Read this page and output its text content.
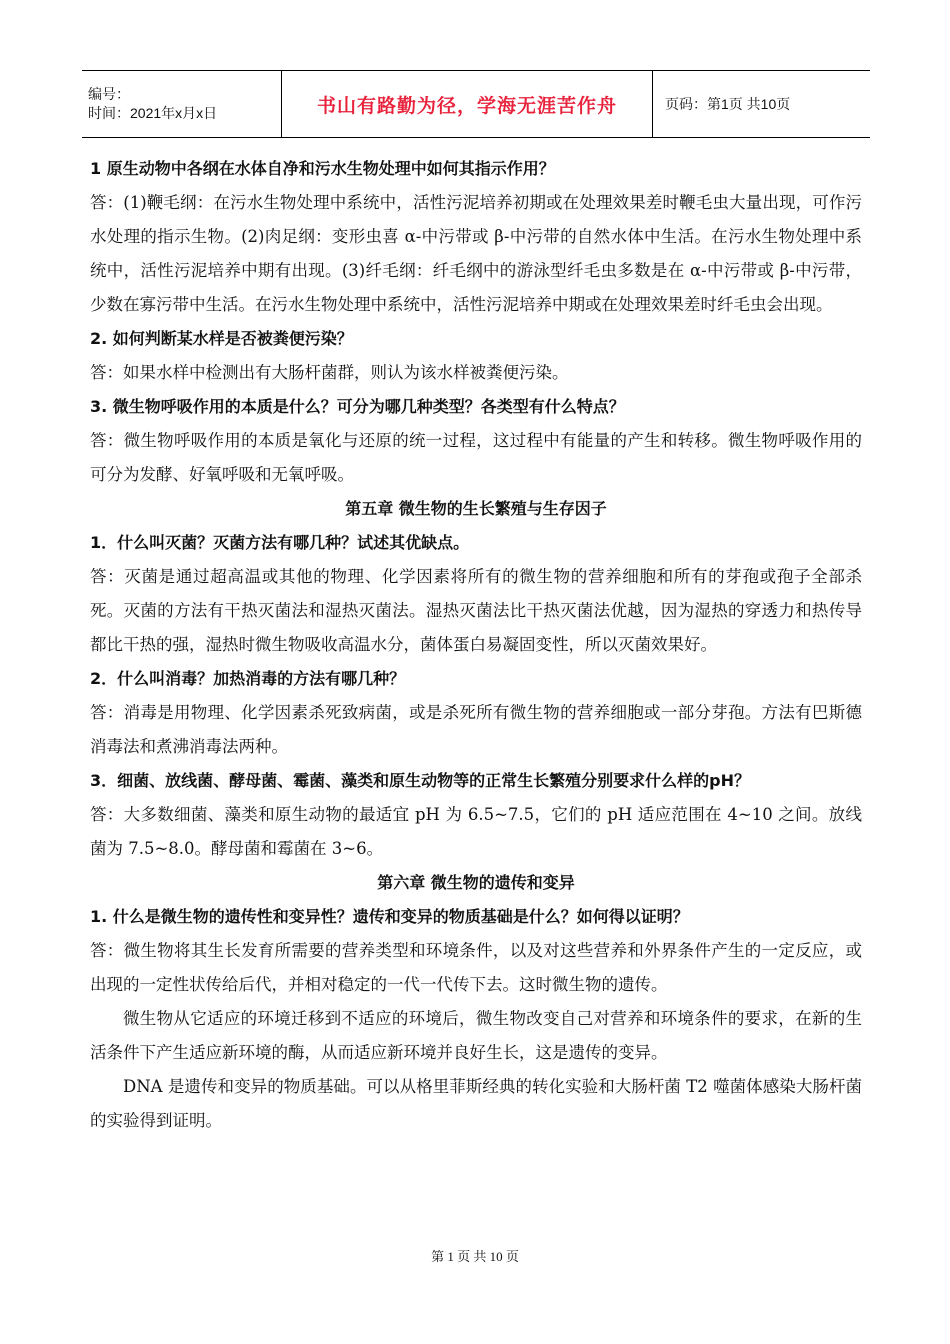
编号：
时间：2021年x月x日	书山有路勤为径，学海无涯苦作舟	页码：第1页 共10页

1 原生动物中各纲在水体自净和污水生物处理中如何其指示作用？

答：(1)鞭毛纲：在污水生物处理中系统中，活性污泥培养初期或在处理效果差时鞭毛虫大量出现，可作污水处理的指示生物。(2)肉足纲：变形虫喜 α-中污带或 β-中污带的自然水体中生活。在污水生物处理中系统中，活性污泥培养中期有出现。(3)纤毛纲：纤毛纲中的游泳型纤毛虫多数是在 α-中污带或 β-中污带，少数在寡污带中生活。在污水生物处理中系统中，活性污泥培养中期或在处理效果差时纤毛虫会出现。

2. 如何判断某水样是否被粪便污染？

答：如果水样中检测出有大肠杆菌群，则认为该水样被粪便污染。

3. 微生物呼吸作用的本质是什么？可分为哪几种类型？各类型有什么特点？

答：微生物呼吸作用的本质是氧化与还原的统一过程，这过程中有能量的产生和转移。微生物呼吸作用的可分为发酵、好氧呼吸和无氧呼吸。

第五章 微生物的生长繁殖与生存因子

1．什么叫灭菌？灭菌方法有哪几种？试述其优缺点。

答：灭菌是通过超高温或其他的物理、化学因素将所有的微生物的营养细胞和所有的芽孢或孢子全部杀死。灭菌的方法有干热灭菌法和湿热灭菌法。湿热灭菌法比干热灭菌法优越，因为湿热的穿透力和热传导都比干热的强，湿热时微生物吸收高温水分，菌体蛋白易凝固变性，所以灭菌效果好。

2．什么叫消毒？加热消毒的方法有哪几种？

答：消毒是用物理、化学因素杀死致病菌，或是杀死所有微生物的营养细胞或一部分芽孢。方法有巴斯德消毒法和煮沸消毒法两种。

3．细菌、放线菌、酵母菌、霉菌、藻类和原生动物等的正常生长繁殖分别要求什么样的pH？

答：大多数细菌、藻类和原生动物的最适宜 pH 为 6.5~7.5，它们的 pH 适应范围在 4~10 之间。放线菌为 7.5~8.0。酵母菌和霉菌在 3~6。

第六章 微生物的遗传和变异

1. 什么是微生物的遗传性和变异性？遗传和变异的物质基础是什么？如何得以证明？

答：微生物将其生长发育所需要的营养类型和环境条件，以及对这些营养和外界条件产生的一定反应，或出现的一定性状传给后代，并相对稳定的一代一代传下去。这时微生物的遗传。

微生物从它适应的环境迁移到不适应的环境后，微生物改变自己对营养和环境条件的要求，在新的生活条件下产生适应新环境的酶，从而适应新环境并良好生长，这是遗传的变异。

DNA 是遗传和变异的物质基础。可以从格里菲斯经典的转化实验和大肠杆菌 T2 噬菌体感染大肠杆菌的实验得到证明。

第 1 页 共 10 页
